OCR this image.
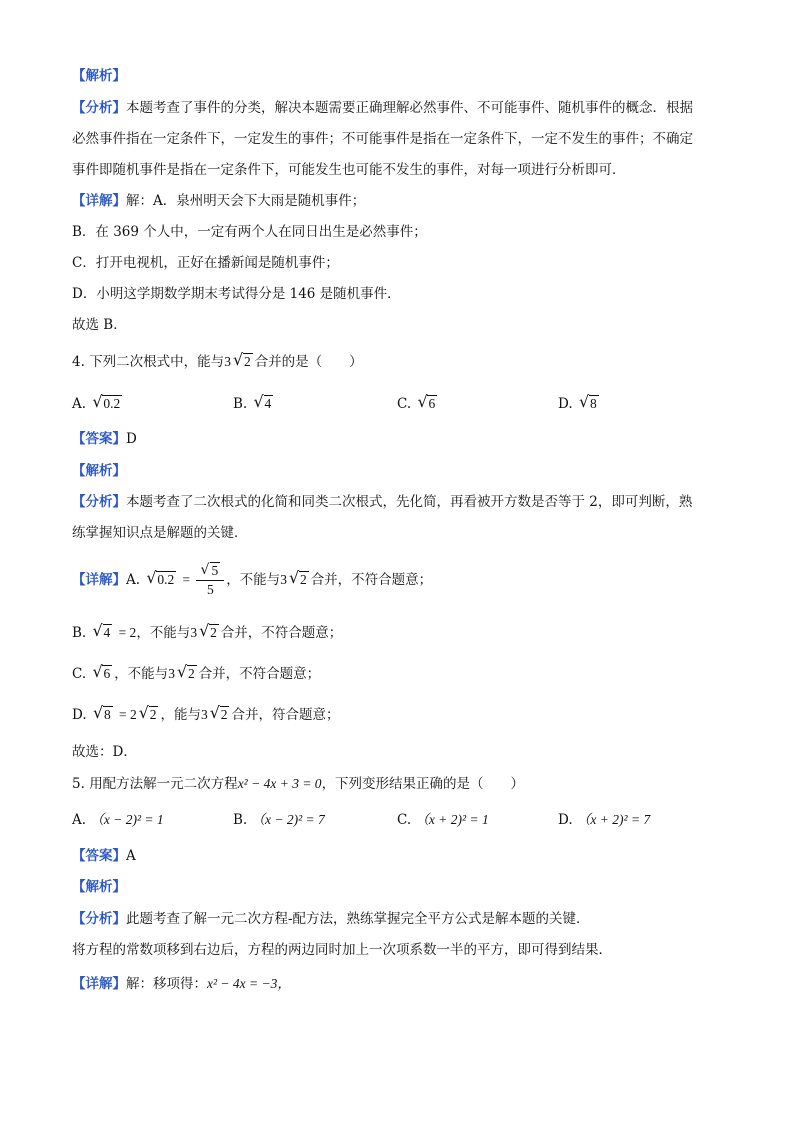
【解析】
【分析】本题考查了事件的分类，解决本题需要正确理解必然事件、不可能事件、随机事件的概念．根据
必然事件指在一定条件下，一定发生的事件；不可能事件是指在一定条件下，一定不发生的事件；不确定
事件即随机事件是指在一定条件下，可能发生也可能不发生的事件，对每一项进行分析即可．
【详解】解：A．泉州明天会下大雨是随机事件；
B．在 369 个人中，一定有两个人在同日出生是必然事件；
C．打开电视机，正好在播新闻是随机事件；
D．小明这学期数学期末考试得分是 146 是随机事件．
故选 B．
4. 下列二次根式中，能与3 √ 2 合并的是（　　）
A. √ 0.2	B. √ 4	C. √ 6	D. √ 8
【答案】D
【解析】
【分析】本题考查了二次根式的化简和同类二次根式，先化简，再看被开方数是否等于 2，即可判断，熟
练掌握知识点是解题的关键．
【详解】A. √ $0.2 = \frac{√ 5}{5}$ ，不能与3 √ 2 合并，不符合题意；
B. √ 4 = 2，不能与3 √ 2 合并，不符合题意；
C. √ 6 ，不能与3 √ 2 合并，不符合题意；
D. √ 8 = 2 √ 2 ，能与3 √ 2 合并，符合题意；
故选：D．
5. 用配方法解一元二次方程x² − 4x + 3 = 0，下列变形结果正确的是（　　）
A. （x − 2)² = 1	B. （x − 2)² = 7	C. （x + 2)² = 1	D. （x + 2)² = 7
【答案】A
【解析】
【分析】此题考查了解一元二次方程-配方法，熟练掌握完全平方公式是解本题的关键．
将方程的常数项移到右边后，方程的两边同时加上一次项系数一半的平方，即可得到结果．
【详解】解：移项得：x² − 4x = −3，
